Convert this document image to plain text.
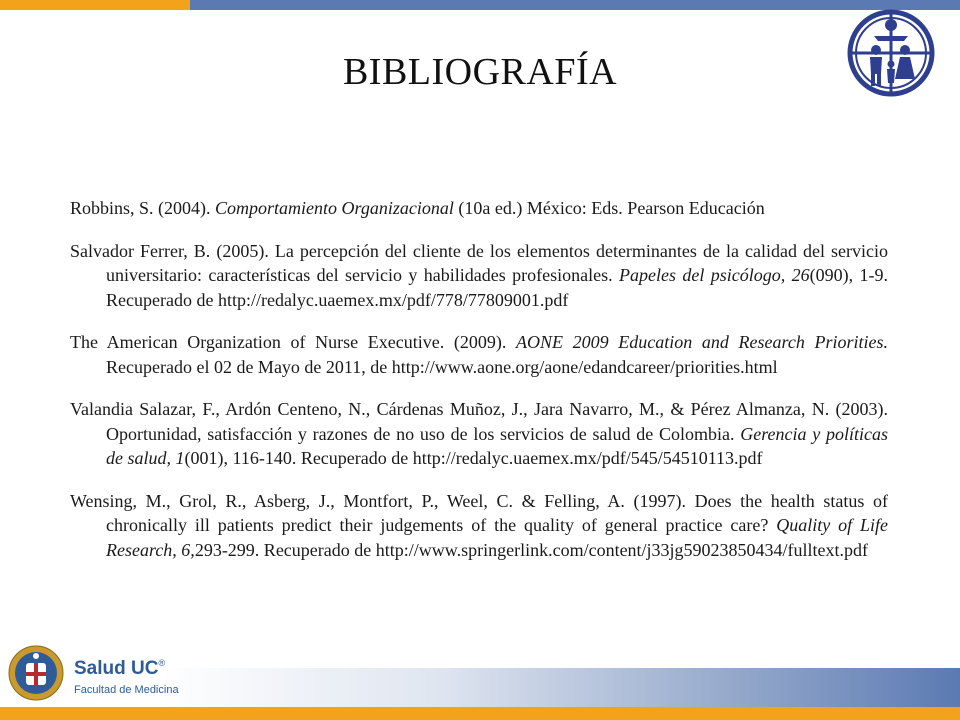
BIBLIOGRAFÍA

Robbins, S. (2004). Comportamiento Organizacional (10a ed.) México: Eds. Pearson Educación

Salvador Ferrer, B. (2005). La percepción del cliente de los elementos determinantes de la calidad del servicio universitario: características del servicio y habilidades profesionales. Papeles del psicólogo, 26(090), 1-9. Recuperado de http://redalyc.uaemex.mx/pdf/778/77809001.pdf

The American Organization of Nurse Executive. (2009). AONE 2009 Education and Research Priorities. Recuperado el 02 de Mayo de 2011, de http://www.aone.org/aone/edandcareer/priorities.html

Valandia Salazar, F., Ardón Centeno, N., Cárdenas Muñoz, J., Jara Navarro, M., & Pérez Almanza, N. (2003). Oportunidad, satisfacción y razones de no uso de los servicios de salud de Colombia. Gerencia y políticas de salud, 1(001), 116-140. Recuperado de http://redalyc.uaemex.mx/pdf/545/54510113.pdf

Wensing, M., Grol, R., Asberg, J., Montfort, P., Weel, C. & Felling, A. (1997). Does the health status of chronically ill patients predict their judgements of the quality of general practice care? Quality of Life Research, 6,293-299. Recuperado de http://www.springerlink.com/content/j33jg59023850434/fulltext.pdf

Salud UC®
Facultad de Medicina
